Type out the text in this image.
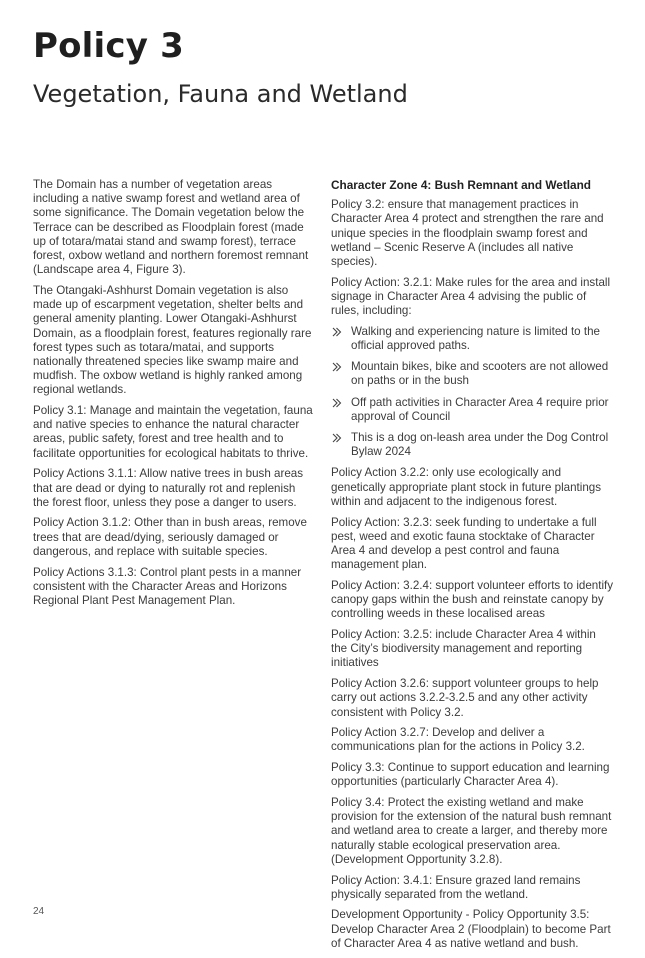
Policy 3
Vegetation, Fauna and Wetland

The Domain has a number of vegetation areas including a native swamp forest and wetland area of some significance. The Domain vegetation below the Terrace can be described as Floodplain forest (made up of totara/matai stand and swamp forest), terrace forest, oxbow wetland and northern foremost remnant (Landscape area 4, Figure 3).

The Otangaki-Ashhurst Domain vegetation is also made up of escarpment vegetation, shelter belts and general amenity planting. Lower Otangaki-Ashhurst Domain, as a floodplain forest, features regionally rare forest types such as totara/matai, and supports nationally threatened species like swamp maire and mudfish. The oxbow wetland is highly ranked among regional wetlands.

Policy 3.1: Manage and maintain the vegetation, fauna and native species to enhance the natural character areas, public safety, forest and tree health and to facilitate opportunities for ecological habitats to thrive.

Policy Actions 3.1.1: Allow native trees in bush areas that are dead or dying to naturally rot and replenish the forest floor, unless they pose a danger to users.

Policy Action 3.1.2: Other than in bush areas, remove trees that are dead/dying, seriously damaged or dangerous, and replace with suitable species.

Policy Actions 3.1.3: Control plant pests in a manner consistent with the Character Areas and Horizons Regional Plant Pest Management Plan.

Character Zone 4: Bush Remnant and Wetland

Policy 3.2: ensure that management practices in Character Area 4 protect and strengthen the rare and unique species in the floodplain swamp forest and wetland – Scenic Reserve A (includes all native species).

Policy Action: 3.2.1: Make rules for the area and install signage in Character Area 4 advising the public of rules, including:

Walking and experiencing nature is limited to the official approved paths.
Mountain bikes, bike and scooters are not allowed on paths or in the bush
Off path activities in Character Area 4 require prior approval of Council
This is a dog on-leash area under the Dog Control Bylaw 2024

Policy Action 3.2.2: only use ecologically and genetically appropriate plant stock in future plantings within and adjacent to the indigenous forest.

Policy Action: 3.2.3: seek funding to undertake a full pest, weed and exotic fauna stocktake of Character Area 4 and develop a pest control and fauna management plan.

Policy Action: 3.2.4: support volunteer efforts to identify canopy gaps within the bush and reinstate canopy by controlling weeds in these localised areas

Policy Action: 3.2.5: include Character Area 4 within the City’s biodiversity management and reporting initiatives

Policy Action 3.2.6: support volunteer groups to help carry out actions 3.2.2-3.2.5 and any other activity consistent with Policy 3.2.

Policy Action 3.2.7: Develop and deliver a communications plan for the actions in Policy 3.2.

Policy 3.3: Continue to support education and learning opportunities (particularly Character Area 4).

Policy 3.4: Protect the existing wetland and make provision for the extension of the natural bush remnant and wetland area to create a larger, and thereby more naturally stable ecological preservation area. (Development Opportunity 3.2.8).

Policy Action: 3.4.1: Ensure grazed land remains physically separated from the wetland.

Development Opportunity - Policy Opportunity 3.5: Develop Character Area 2 (Floodplain) to become Part of Character Area 4 as native wetland and bush.

24
